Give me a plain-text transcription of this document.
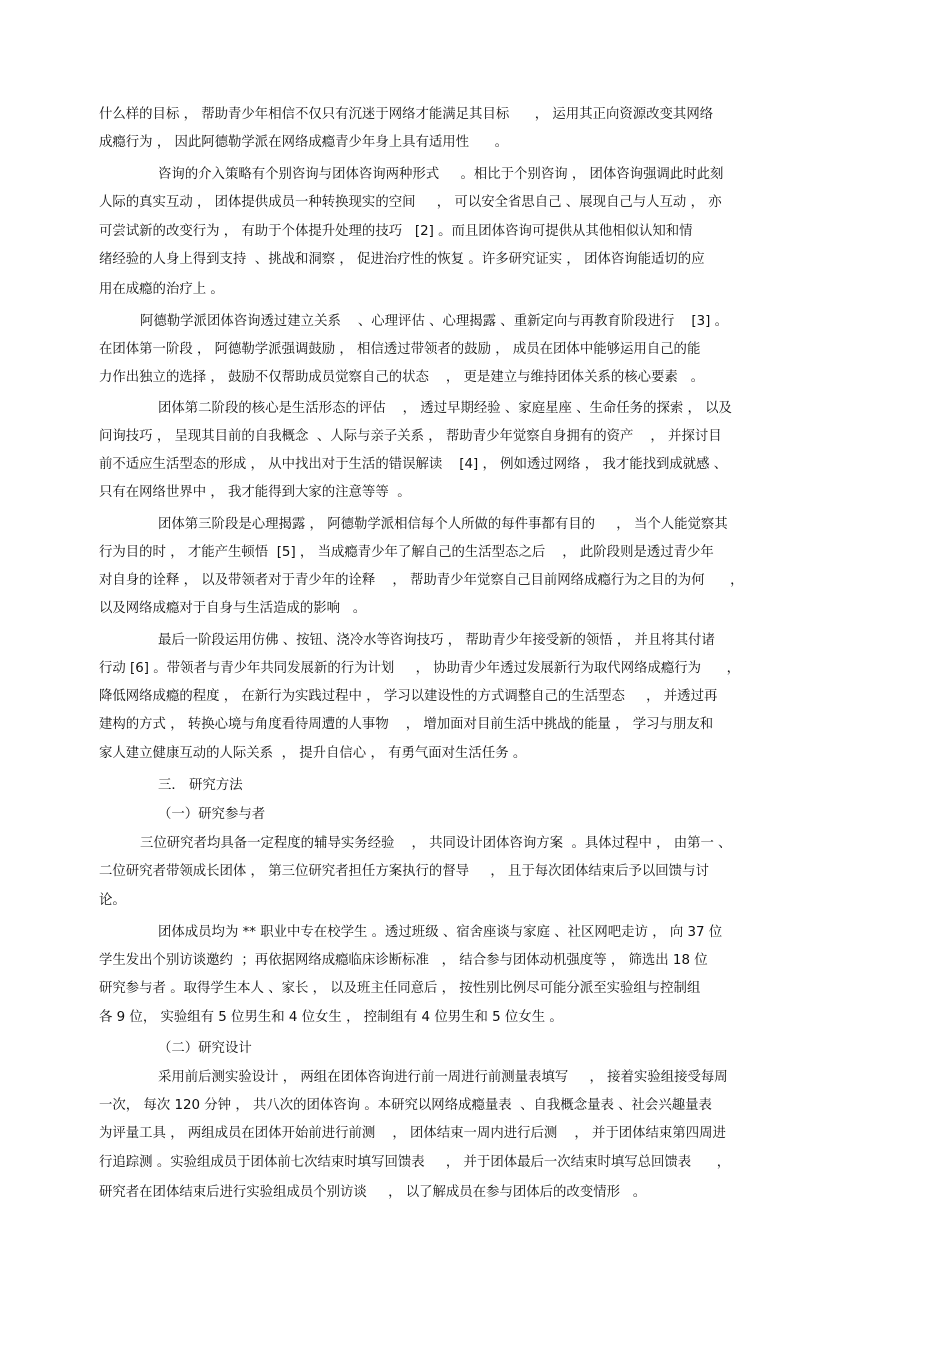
什么样的目标 ， 帮助青少年相信不仅只有沉迷于网络才能满足其目标      ， 运用其正向资源改变其网络
成瘾行为 ， 因此阿德勒学派在网络成瘾青少年身上具有适用性      。
咨询的介入策略有个别咨询与团体咨询两种形式     。相比于个别咨询 ， 团体咨询强调此时此刻
人际的真实互动 ， 团体提供成员一种转换现实的空间     ， 可以安全省思自己 、展现自己与人互动 ， 亦
可尝试新的改变行为 ， 有助于个体提升处理的技巧   [2] 。而且团体咨询可提供从其他相似认知和情
绪经验的人身上得到支持  、挑战和洞察 ， 促进治疗性的恢复 。许多研究证实 ， 团体咨询能适切的应
用在成瘾的治疗上 。
阿德勒学派团体咨询透过建立关系    、心理评估 、心理揭露 、重新定向与再教育阶段进行    [3] 。
在团体第一阶段 ， 阿德勒学派强调鼓励 ， 相信透过带领者的鼓励 ， 成员在团体中能够运用自己的能
力作出独立的选择 ， 鼓励不仅帮助成员觉察自己的状态    ， 更是建立与维持团体关系的核心要素   。
团体第二阶段的核心是生活形态的评估    ， 透过早期经验 、家庭星座 、生命任务的探索 ， 以及
问询技巧 ， 呈现其目前的自我概念  、人际与亲子关系 ， 帮助青少年觉察自身拥有的资产    ， 并探讨目
前不适应生活型态的形成 ， 从中找出对于生活的错误解读    [4] ， 例如透过网络 ， 我才能找到成就感 、
只有在网络世界中 ， 我才能得到大家的注意等等  。
团体第三阶段是心理揭露 ， 阿德勒学派相信每个人所做的每件事都有目的     ， 当个人能觉察其
行为目的时 ， 才能产生顿悟  [5] ， 当成瘾青少年了解自己的生活型态之后    ， 此阶段则是透过青少年
对自身的诠释 ， 以及带领者对于青少年的诠释    ， 帮助青少年觉察自己目前网络成瘾行为之目的为何      ，
以及网络成瘾对于自身与生活造成的影响   。
最后一阶段运用仿佛 、按钮、浇冷水等咨询技巧 ， 帮助青少年接受新的领悟 ， 并且将其付诸
行动 [6] 。带领者与青少年共同发展新的行为计划     ， 协助青少年透过发展新行为取代网络成瘾行为      ，
降低网络成瘾的程度 ， 在新行为实践过程中 ， 学习以建设性的方式调整自己的生活型态     ， 并透过再
建构的方式 ， 转换心境与角度看待周遭的人事物    ， 增加面对目前生活中挑战的能量 ， 学习与朋友和
家人建立健康互动的人际关系  ， 提升自信心 ， 有勇气面对生活任务 。
三． 研究方法
（一）研究参与者
三位研究者均具备一定程度的辅导实务经验    ， 共同设计团体咨询方案  。具体过程中 ， 由第一 、
二位研究者带领成长团体 ， 第三位研究者担任方案执行的督导     ， 且于每次团体结束后予以回馈与讨
论。
团体成员均为 ** 职业中专在校学生 。透过班级 、宿舍座谈与家庭 、社区网吧走访 ， 向 37 位
学生发出个别访谈邀约  ；再依据网络成瘾临床诊断标准   ， 结合参与团体动机强度等 ， 筛选出 18 位
研究参与者 。取得学生本人 、家长 ， 以及班主任同意后 ， 按性别比例尽可能分派至实验组与控制组
各 9 位， 实验组有 5 位男生和 4 位女生 ， 控制组有 4 位男生和 5 位女生 。
（二）研究设计
采用前后测实验设计 ， 两组在团体咨询进行前一周进行前测量表填写     ， 接着实验组接受每周
一次， 每次 120 分钟 ， 共八次的团体咨询 。本研究以网络成瘾量表  、自我概念量表 、社会兴趣量表
为评量工具 ， 两组成员在团体开始前进行前测    ， 团体结束一周内进行后测    ， 并于团体结束第四周进
行追踪测 。实验组成员于团体前七次结束时填写回馈表     ， 并于团体最后一次结束时填写总回馈表      ，
研究者在团体结束后进行实验组成员个别访谈     ， 以了解成员在参与团体后的改变情形   。
